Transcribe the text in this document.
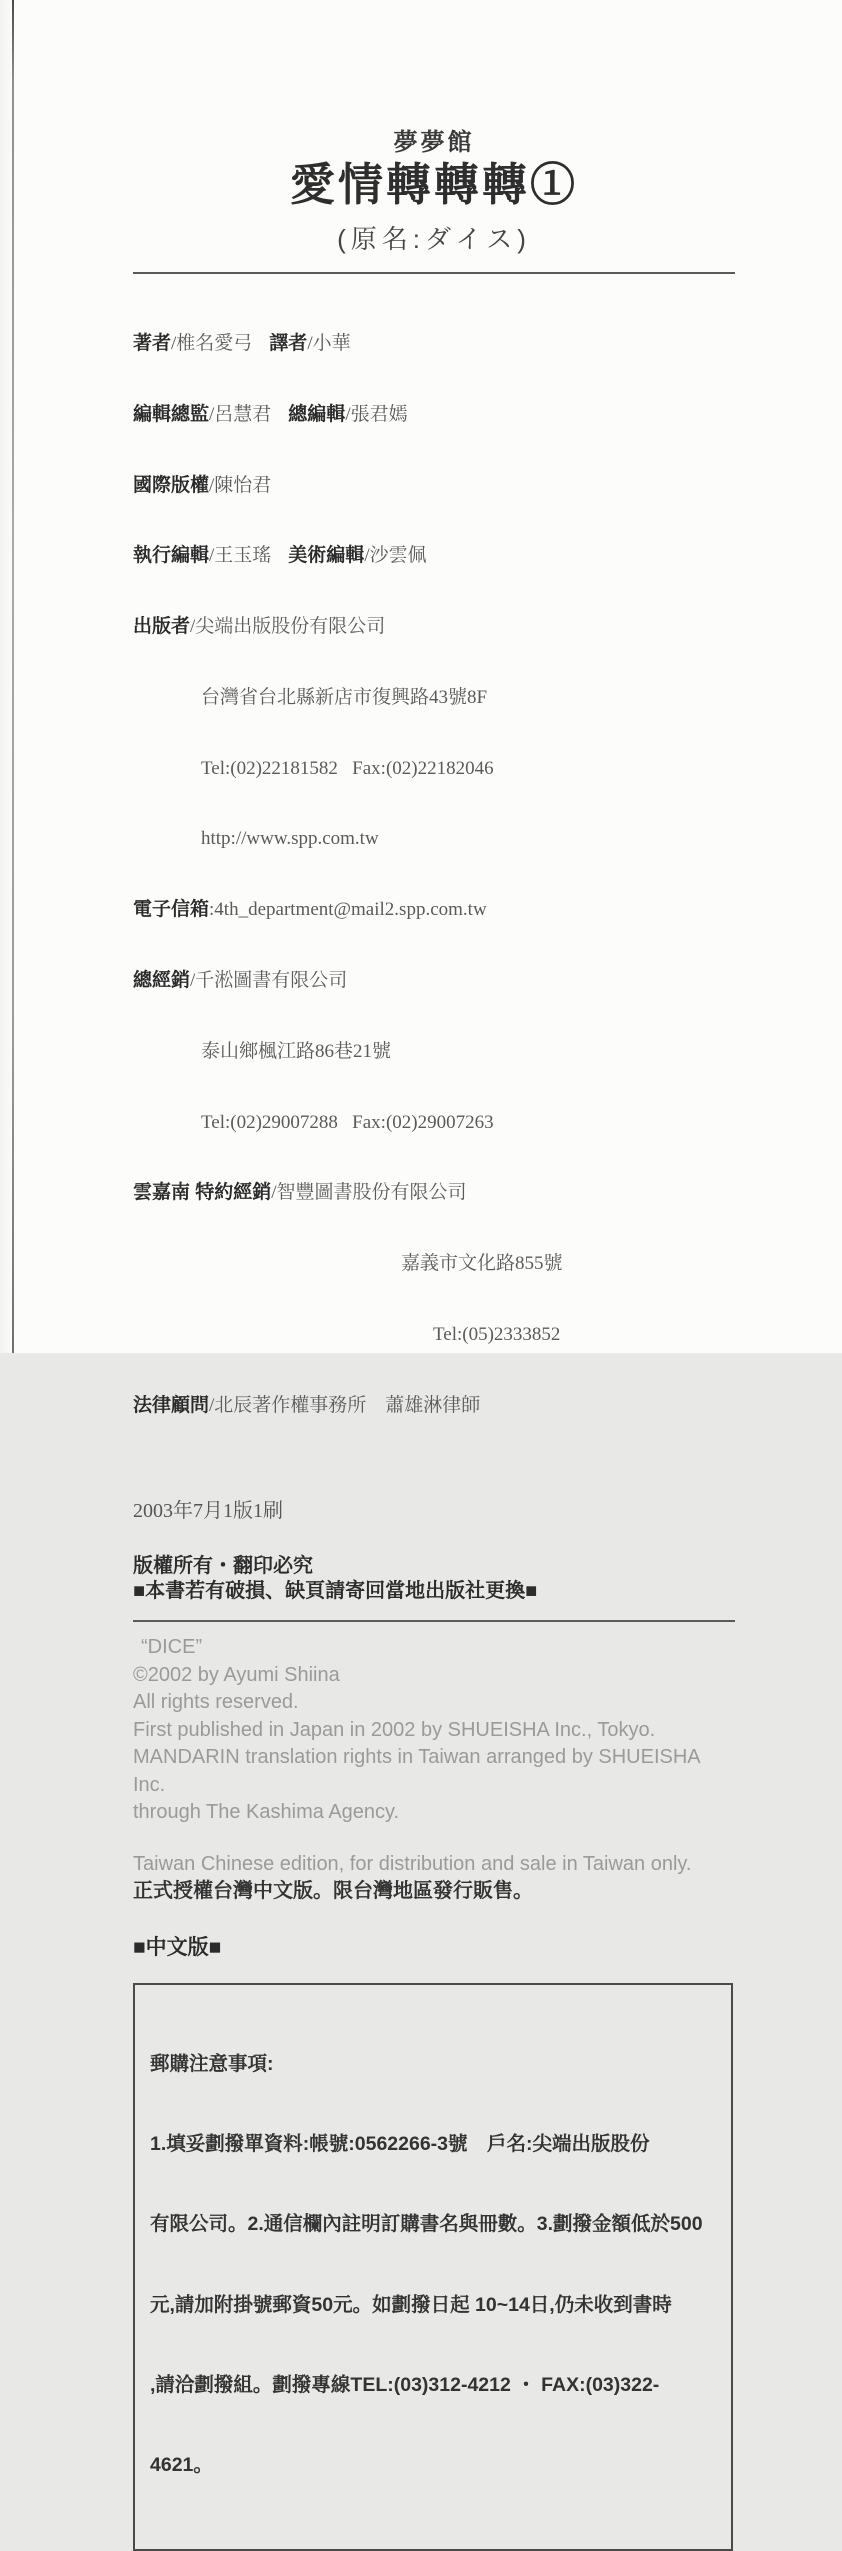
夢夢館
愛情轉轉轉①
(原名:ダイス)

著者/椎名愛弓 譯者/小華

編輯總監/呂慧君 總編輯/張君嫣

國際版權/陳怡君

執行編輯/王玉瑤 美術編輯/沙雲佩

出版者/尖端出版股份有限公司

台灣省台北縣新店市復興路43號8F

Tel:(02)22181582   Fax:(02)22182046

http://www.spp.com.tw

電子信箱:4th_department@mail2.spp.com.tw

總經銷/千淞圖書有限公司

泰山鄉楓江路86巷21號

Tel:(02)29007288   Fax:(02)29007263

雲嘉南 特約經銷/智豐圖書股份有限公司

嘉義市文化路855號

Tel:(05)2333852

法律顧問/北辰著作權事務所　蕭雄淋律師

2003年7月1版1刷
版權所有・翻印必究
■本書若有破損、缺頁請寄回當地出版社更換■
“DICE”
©2002 by Ayumi Shiina
All rights reserved.
First published in Japan in 2002 by SHUEISHA Inc., Tokyo.
MANDARIN translation rights in Taiwan arranged by SHUEISHA Inc.
through The Kashima Agency.
Taiwan Chinese edition, for distribution and sale in Taiwan only.
正式授權台灣中文版。限台灣地區發行販售。
■中文版■

郵購注意事項:

1.填妥劃撥單資料:帳號:0562266-3號　戶名:尖端出版股份

有限公司。2.通信欄內註明訂購書名與冊數。3.劃撥金額低於500

元,請加附掛號郵資50元。如劃撥日起 10~14日,仍未收到書時

,請洽劃撥組。劃撥專線TEL:(03)312-4212 ・ FAX:(03)322-

4621。
